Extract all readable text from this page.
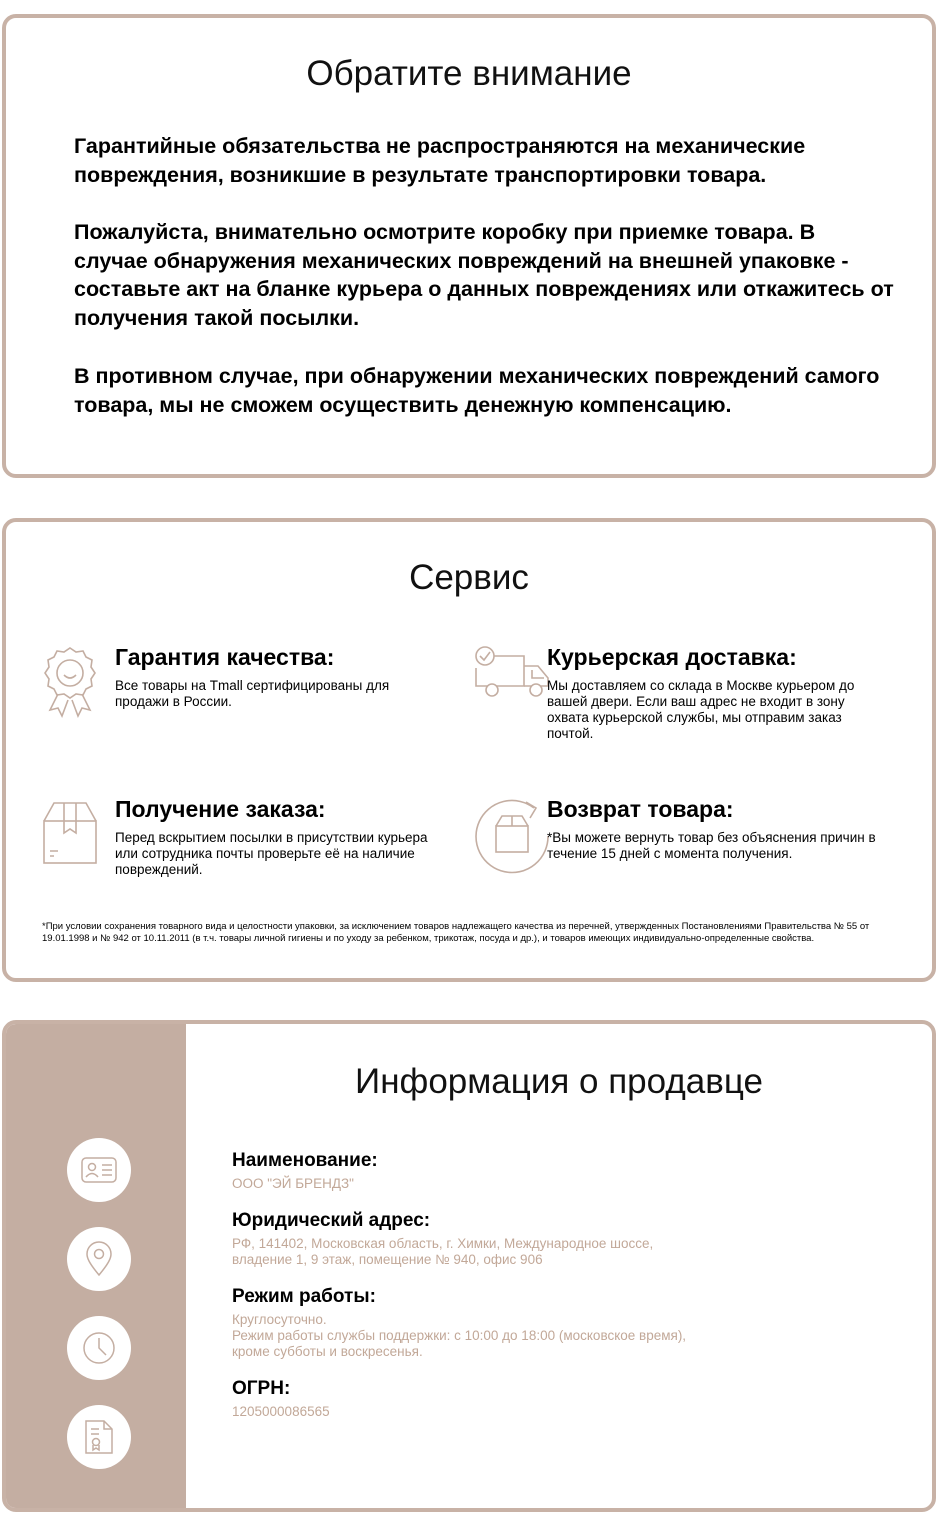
Обратите внимание

Гарантийные обязательства не распространяются на механические повреждения, возникшие в результате транспортировки товара.

Пожалуйста, внимательно осмотрите коробку при приемке товара. В случае обнаружения механических повреждений на внешней упаковке - составьте акт на бланке курьера о данных повреждениях или откажитесь от получения такой посылки.

В противном случае, при обнаружении механических повреждений самого товара, мы не сможем осуществить денежную компенсацию.

Сервис
Гарантия качества:

Все товары на Tmall сертифицированы для продажи в России.

Курьерская доставка:

Мы доставляем со склада в Москве курьером до вашей двери. Если ваш адрес не входит в зону охвата курьерской службы, мы отправим заказ почтой.

Получение заказа:

Перед вскрытием посылки в присутствии курьера или сотрудника почты проверьте её на наличие повреждений.

Возврат товара:

*Вы можете вернуть товар без объяснения причин в течение 15 дней с момента получения.

*При условии сохранения товарного вида и целостности упаковки, за исключением товаров надлежащего качества из перечней, утвержденных Постановлениями Правительства № 55 от 19.01.1998 и № 942 от 10.11.2011 (в т.ч. товары личной гигиены и по уходу за ребенком, трикотаж, посуда и др.), и товаров имеющих индивидуально-определенные свойства.

Информация о продавце
Наименование:

ООО "ЭЙ БРЕНДЗ"

Юридический адрес:

РФ, 141402, Московская область, г. Химки, Международное шоссе,
владение 1, 9 этаж, помещение № 940, офис 906

Режим работы:

Круглосуточно.
Режим работы службы поддержки: с 10:00 до 18:00 (московское время),
кроме субботы и воскресенья.

ОГРН:

1205000086565
